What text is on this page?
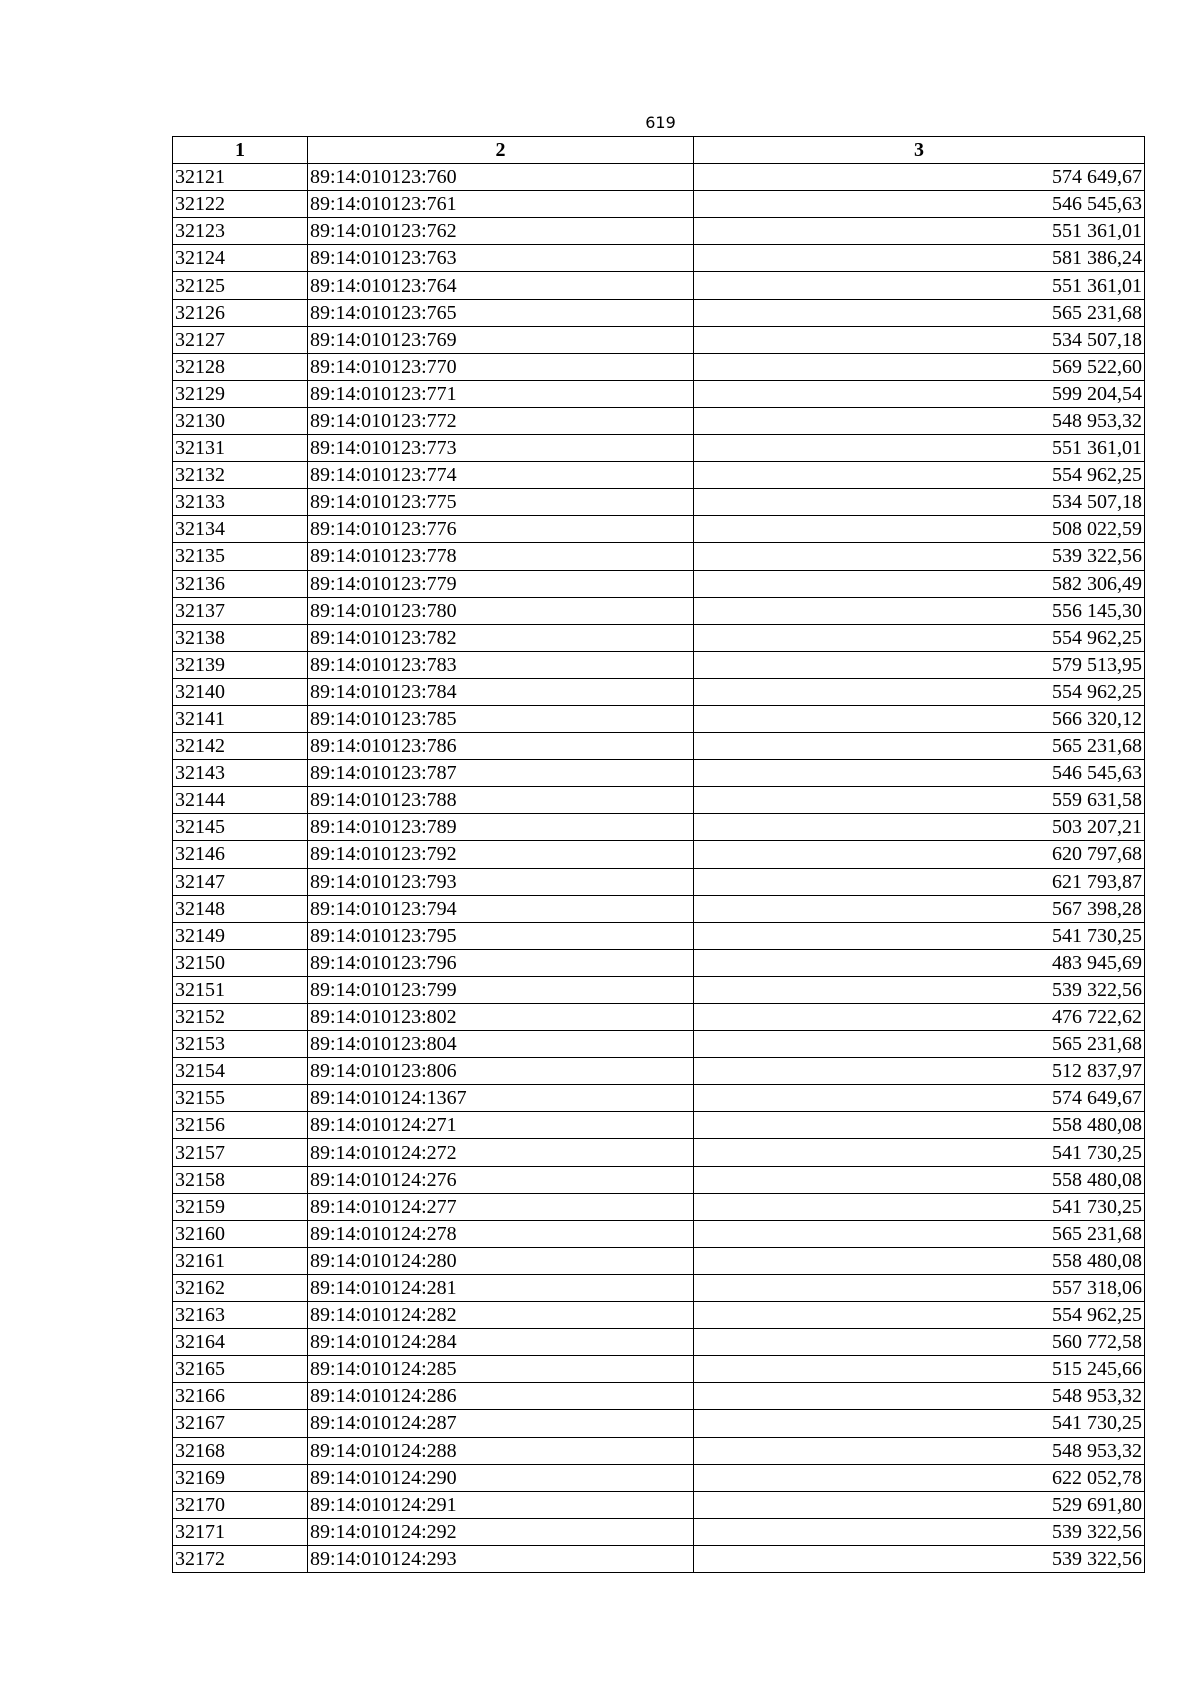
619
1	2	3
32121	89:14:010123:760	574 649,67
32122	89:14:010123:761	546 545,63
32123	89:14:010123:762	551 361,01
32124	89:14:010123:763	581 386,24
32125	89:14:010123:764	551 361,01
32126	89:14:010123:765	565 231,68
32127	89:14:010123:769	534 507,18
32128	89:14:010123:770	569 522,60
32129	89:14:010123:771	599 204,54
32130	89:14:010123:772	548 953,32
32131	89:14:010123:773	551 361,01
32132	89:14:010123:774	554 962,25
32133	89:14:010123:775	534 507,18
32134	89:14:010123:776	508 022,59
32135	89:14:010123:778	539 322,56
32136	89:14:010123:779	582 306,49
32137	89:14:010123:780	556 145,30
32138	89:14:010123:782	554 962,25
32139	89:14:010123:783	579 513,95
32140	89:14:010123:784	554 962,25
32141	89:14:010123:785	566 320,12
32142	89:14:010123:786	565 231,68
32143	89:14:010123:787	546 545,63
32144	89:14:010123:788	559 631,58
32145	89:14:010123:789	503 207,21
32146	89:14:010123:792	620 797,68
32147	89:14:010123:793	621 793,87
32148	89:14:010123:794	567 398,28
32149	89:14:010123:795	541 730,25
32150	89:14:010123:796	483 945,69
32151	89:14:010123:799	539 322,56
32152	89:14:010123:802	476 722,62
32153	89:14:010123:804	565 231,68
32154	89:14:010123:806	512 837,97
32155	89:14:010124:1367	574 649,67
32156	89:14:010124:271	558 480,08
32157	89:14:010124:272	541 730,25
32158	89:14:010124:276	558 480,08
32159	89:14:010124:277	541 730,25
32160	89:14:010124:278	565 231,68
32161	89:14:010124:280	558 480,08
32162	89:14:010124:281	557 318,06
32163	89:14:010124:282	554 962,25
32164	89:14:010124:284	560 772,58
32165	89:14:010124:285	515 245,66
32166	89:14:010124:286	548 953,32
32167	89:14:010124:287	541 730,25
32168	89:14:010124:288	548 953,32
32169	89:14:010124:290	622 052,78
32170	89:14:010124:291	529 691,80
32171	89:14:010124:292	539 322,56
32172	89:14:010124:293	539 322,56
